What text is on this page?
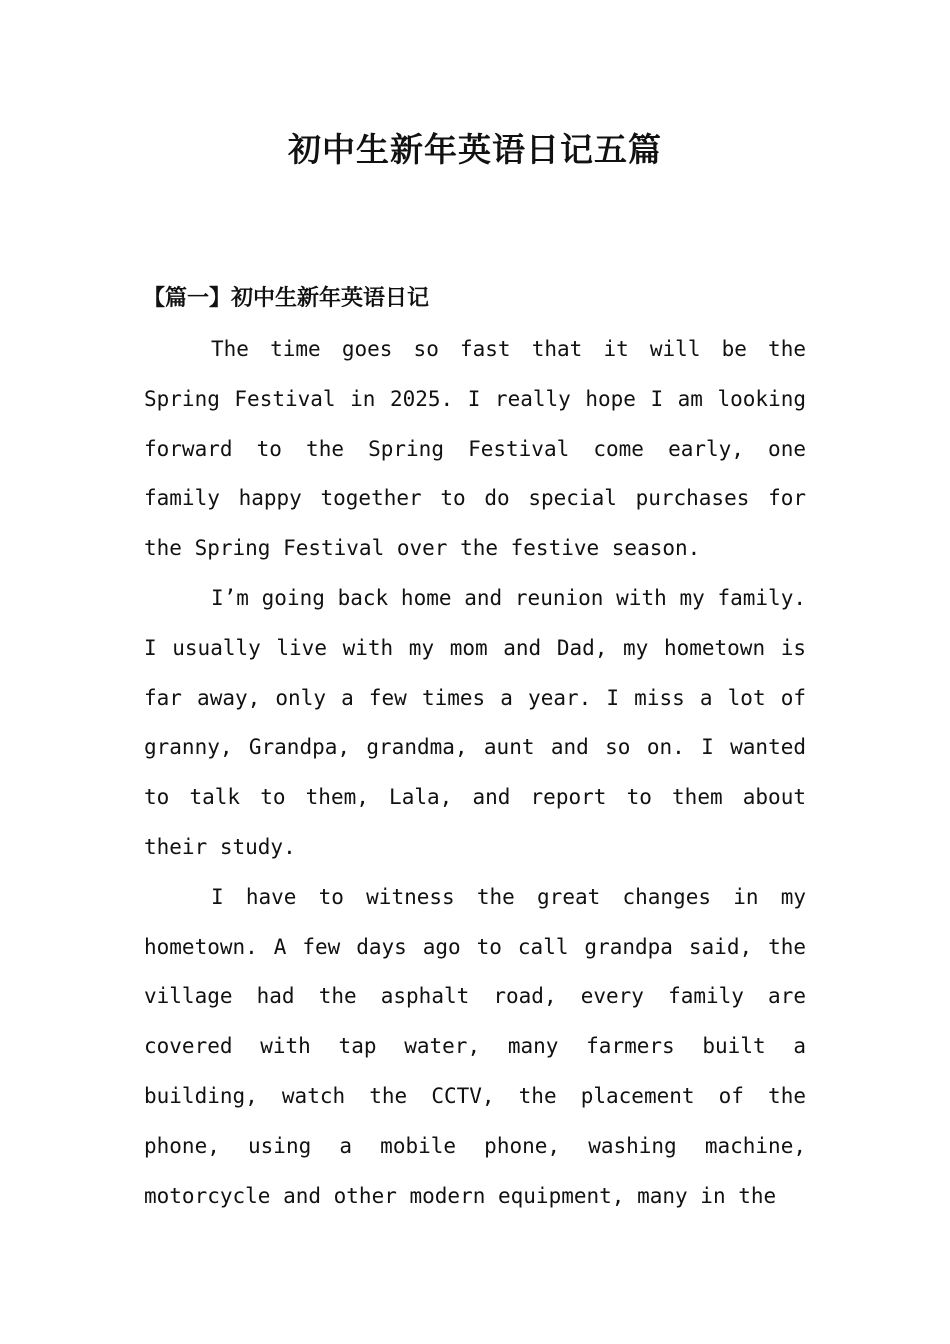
初中生新年英语日记五篇
【篇一】初中生新年英语日记

The time goes so fast that it will be the Spring Festival in 2025. I really hope I am looking forward to the Spring Festival come early, one family happy together to do special purchases for the Spring Festival over the festive season.

I’m going back home and reunion with my family. I usually live with my mom and Dad, my hometown is far away, only a few times a year. I miss a lot of granny, Grandpa, grandma, aunt and so on. I wanted to talk to them, Lala, and report to them about their study.

I have to witness the great changes in my hometown. A few days ago to call grandpa said, the village had the asphalt road, every family are covered with tap water, many farmers built a building, watch the CCTV, the placement of the phone, using a mobile phone, washing machine, motorcycle and other modern equipment, many in the
